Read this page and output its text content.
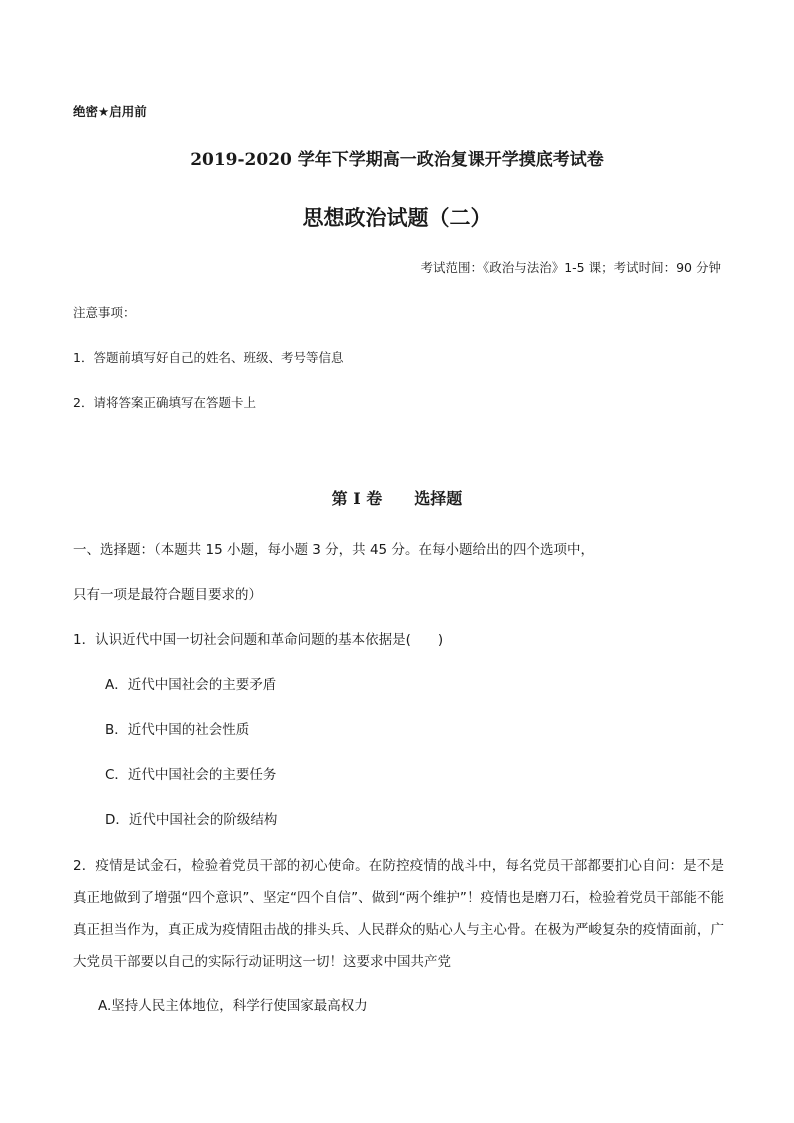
绝密★启用前
2019-2020 学年下学期高一政治复课开学摸底考试卷
思想政治试题（二）
考试范围：《政治与法治》1-5 课；考试时间：90 分钟
注意事项：
1．答题前填写好自己的姓名、班级、考号等信息
2．请将答案正确填写在答题卡上
第 I 卷　　选择题
一、选择题：（本题共 15 小题，每小题 3 分，共 45 分。在每小题给出的四个选项中，
只有一项是最符合题目要求的）
1．认识近代中国一切社会问题和革命问题的基本依据是(　　)
A．近代中国社会的主要矛盾
B．近代中国的社会性质
C．近代中国社会的主要任务
D．近代中国社会的阶级结构
2．疫情是试金石，检验着党员干部的初心使命。在防控疫情的战斗中，每名党员干部都要扪心自问：是不是真正地做到了增强“四个意识”、坚定“四个自信”、做到“两个维护”！疫情也是磨刀石，检验着党员干部能不能真正担当作为，真正成为疫情阻击战的排头兵、人民群众的贴心人与主心骨。在极为严峻复杂的疫情面前，广大党员干部要以自己的实际行动证明这一切！这要求中国共产党
A.坚持人民主体地位，科学行使国家最高权力
